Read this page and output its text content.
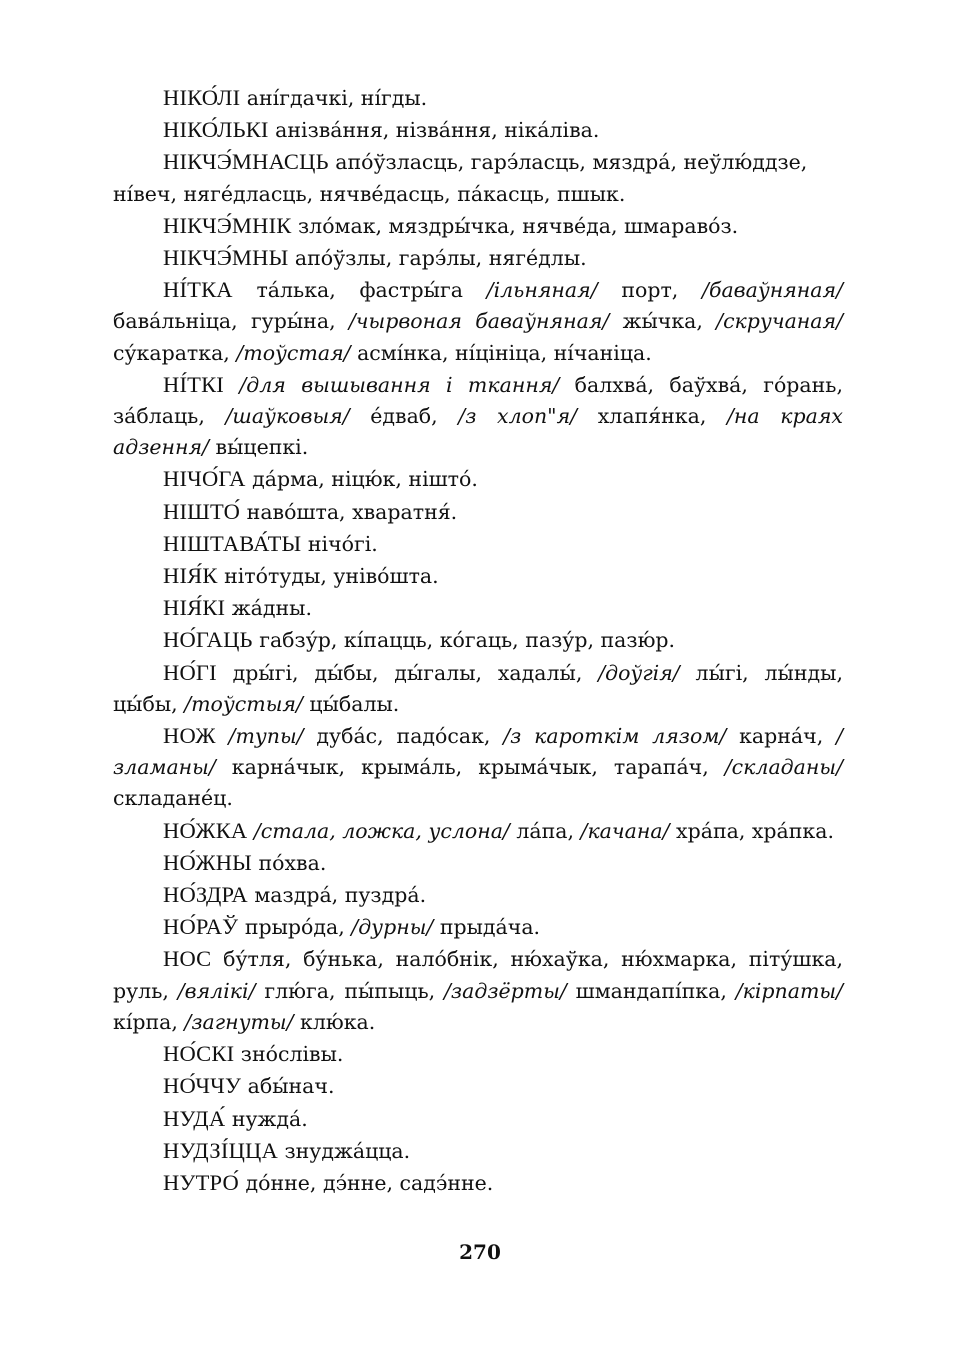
НІКО́ЛІ ані́гдачкі, ні́гды.

НІКО́ЛЬКІ анізва́ння, нізва́ння, ніка́ліва.

НІКЧЭ́МНАСЦЬ апо́ўзласць, гарэ́ласць, мяздра́, неўлю́ддзе, ні́веч, няге́дласць, нячве́дасць, па́касць, пшык.

НІКЧЭ́МНІК зло́мак, мяздры́чка, нячве́да, шмараво́з.

НІКЧЭ́МНЫ апо́ўзлы, гарэ́лы, няге́длы.

НІ́ТКА та́лька, фастры́га /ільняная/ порт, /баваўняная/ бава́льніца, гуры́на, /чырвоная баваўняная/ жы́чка, /скручаная/ су́каратка, /тоўстая/ асмі́нка, ні́цініца, ні́чаніца.

НІ́ТКІ /для вышывання і ткання/ балхва́, баўхва́, го́рань, за́блаць, /шаўковыя/ е́дваб, /з хлоп"я/ хлапя́нка, /на краях адзення/ вы́цепкі.

НІЧО́ГА да́рма, ніцю́к, нішто́.

НІШТО́ наво́шта, хваратня́.

НІШТАВА́ТЫ нічо́гі.

НІЯ́К ніто́туды, уніво́шта.

НІЯ́КІ жа́дны.

НО́ГАЦЬ габзу́р, кі́пацць, ко́гаць, пазу́р, пазю́р.

НО́ГІ дры́гі, ды́бы, ды́галы, хадалы́, /доўгія/ лы́гі, лы́нды, цы́бы, /тоўстыя/ цы́балы.

НОЖ /тупы/ дуба́с, падо́сак, /з кароткім лязом/ карна́ч, /зламаны/ карна́чык, крыма́ль, крыма́чык, тарапа́ч, /складаны/ складане́ц.

НО́ЖКА /стала, ложка, услона/ ла́па, /качана/ хра́па, хра́пка.

НО́ЖНЫ по́хва.

НО́ЗДРА маздра́, пуздра́.

НО́РАЎ прыро́да, /дурны/ прыда́ча.

НОС бу́тля, бу́нька, нало́бнік, ню́хаўка, ню́хмарка, піту́шка, руль, /вялікі/ глю́га, пы́пыць, /задзёрты/ шмандапі́пка, /кірпаты/ кі́рпа, /загнуты/ клю́ка.

НО́СКІ зно́слівы.

НО́ЧЧУ абы́нач.

НУДА́ нужда́.

НУДЗІ́ЦЦА знуджа́цца.

НУТРО́ до́нне, дэ́нне, садэ́нне.

270
